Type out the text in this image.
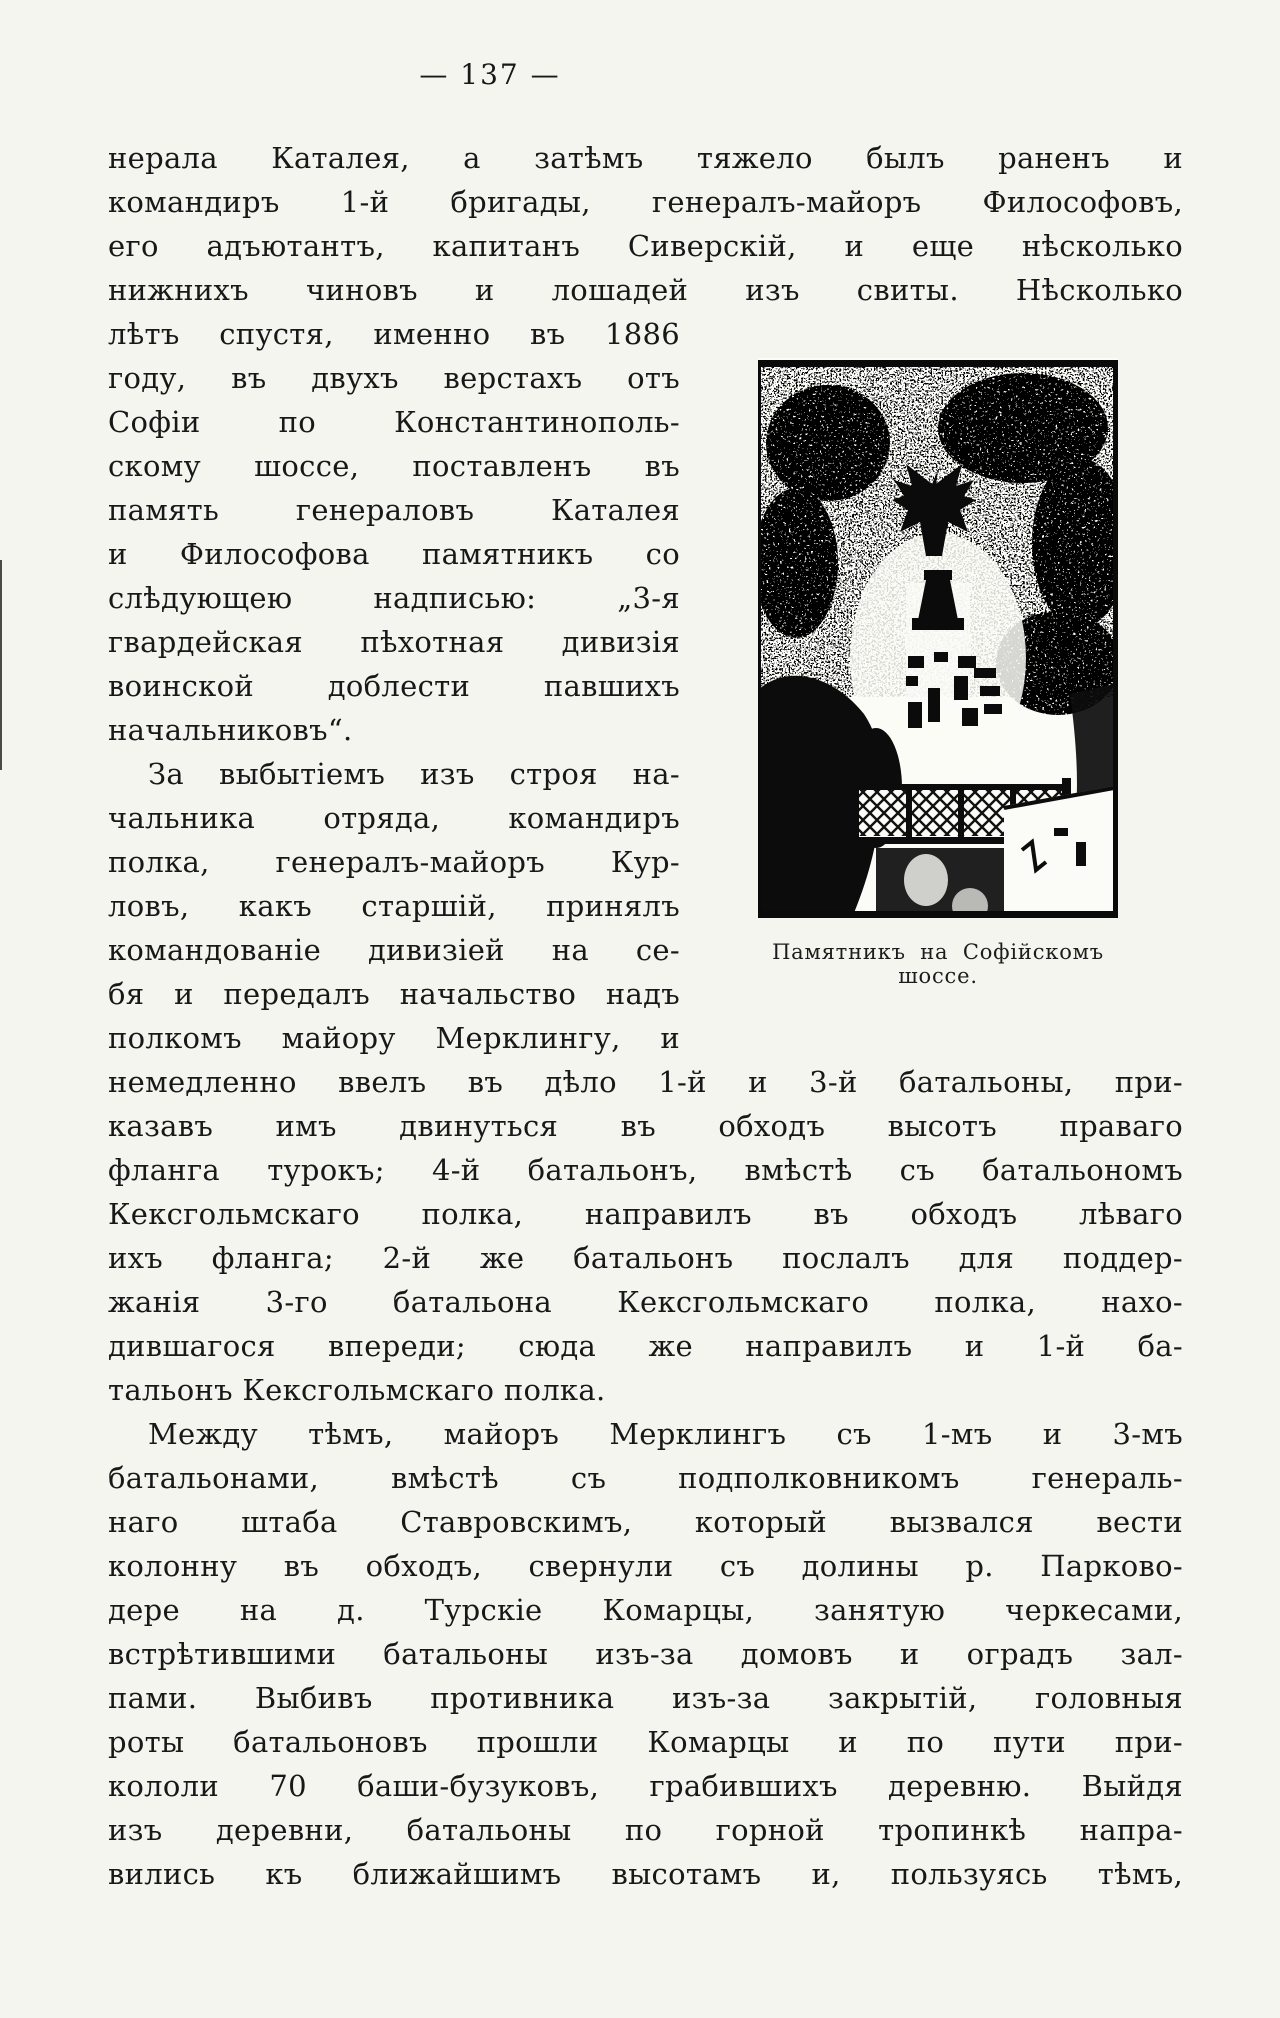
— 137 —
нерала Каталея, а затѣмъ тяжело былъ раненъ и
командиръ 1-й бригады, генералъ-майоръ Философовъ,
его адъютантъ, капитанъ Сиверскій, и еще нѣсколько
нижнихъ чиновъ и лошадей изъ свиты. Нѣсколько
лѣтъ спустя, именно въ 1886
году, въ двухъ верстахъ отъ
Софіи по Константинополь-
скому шоссе, поставленъ въ
память генераловъ Каталея
и Философова памятникъ со
слѣдующею надписью: „3-я
гвардейская пѣхотная дивизія
воинской доблести павшихъ
начальниковъ“.
За выбытіемъ изъ строя на-
чальника отряда, командиръ
полка, генералъ-майоръ Кур-
ловъ, какъ старшій, принялъ
командованіе дивизіей на се-
бя и передалъ начальство надъ
полкомъ майору Мерклингу, и
немедленно ввелъ въ дѣло 1-й и 3-й батальоны, при-
казавъ имъ двинуться въ обходъ высотъ праваго
фланга турокъ; 4-й батальонъ, вмѣстѣ съ батальономъ
Кексгольмскаго полка, направилъ въ обходъ лѣваго
ихъ фланга; 2-й же батальонъ послалъ для поддер-
жанія 3-го батальона Кексгольмскаго полка, нахо-
дившагося впереди; сюда же направилъ и 1-й ба-
тальонъ Кексгольмскаго полка.
Между тѣмъ, майоръ Мерклингъ съ 1-мъ и 3-мъ
батальонами, вмѣстѣ съ подполковникомъ генераль-
наго штаба Ставровскимъ, который вызвался вести
колонну въ обходъ, свернули съ долины р. Парково-
дере на д. Турскіе Комарцы, занятую черкесами,
встрѣтившими батальоны изъ-за домовъ и оградъ зал-
пами. Выбивъ противника изъ-за закрытій, головныя
роты батальоновъ прошли Комарцы и по пути при-
кололи 70 баши-бузуковъ, грабившихъ деревню. Выйдя
изъ деревни, батальоны по горной тропинкѣ напра-
вились къ ближайшимъ высотамъ и, пользуясь тѣмъ,
Памятникъ на Софійскомъ шоссе.
